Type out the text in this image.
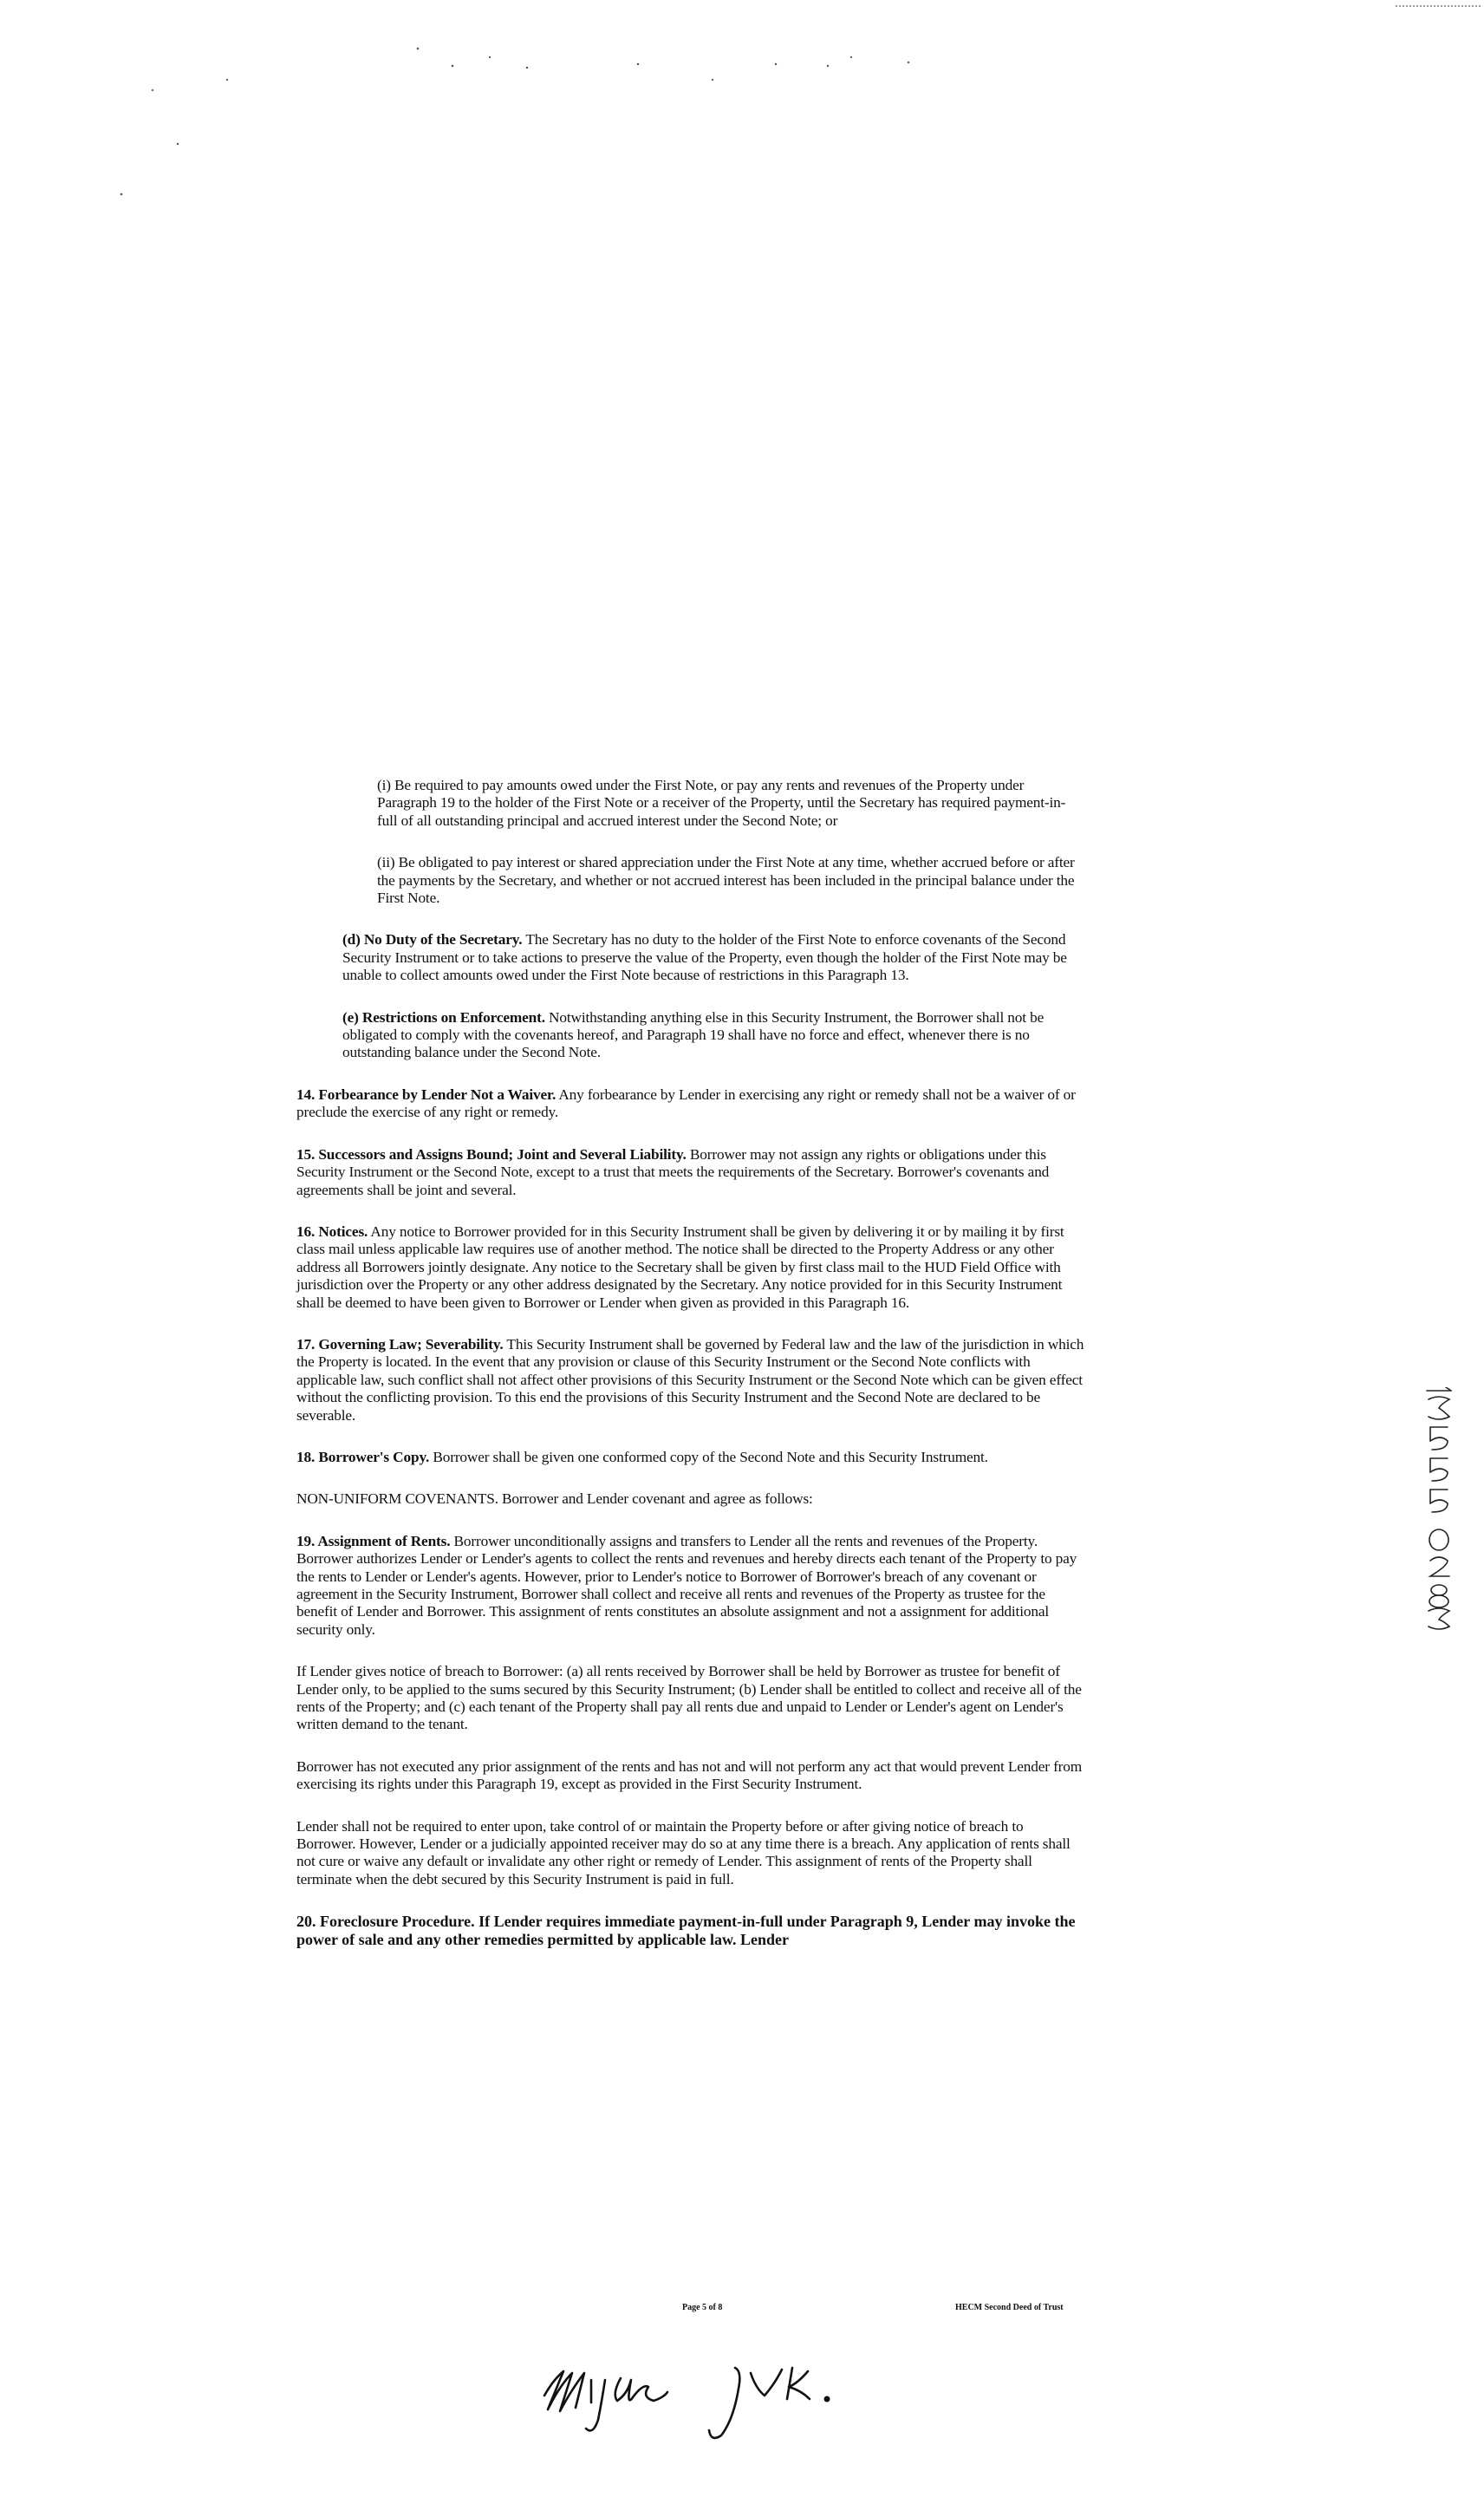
(i) Be required to pay amounts owed under the First Note, or pay any rents and revenues of the Property under Paragraph 19 to the holder of the First Note or a receiver of the Property, until the Secretary has required payment-in-full of all outstanding principal and accrued interest under the Second Note; or

(ii) Be obligated to pay interest or shared appreciation under the First Note at any time, whether accrued before or after the payments by the Secretary, and whether or not accrued interest has been included in the principal balance under the First Note.

(d) No Duty of the Secretary. The Secretary has no duty to the holder of the First Note to enforce covenants of the Second Security Instrument or to take actions to preserve the value of the Property, even though the holder of the First Note may be unable to collect amounts owed under the First Note because of restrictions in this Paragraph 13.

(e) Restrictions on Enforcement. Notwithstanding anything else in this Security Instrument, the Borrower shall not be obligated to comply with the covenants hereof, and Paragraph 19 shall have no force and effect, whenever there is no outstanding balance under the Second Note.

14. Forbearance by Lender Not a Waiver. Any forbearance by Lender in exercising any right or remedy shall not be a waiver of or preclude the exercise of any right or remedy.

15. Successors and Assigns Bound; Joint and Several Liability. Borrower may not assign any rights or obligations under this Security Instrument or the Second Note, except to a trust that meets the requirements of the Secretary. Borrower's covenants and agreements shall be joint and several.

16. Notices. Any notice to Borrower provided for in this Security Instrument shall be given by delivering it or by mailing it by first class mail unless applicable law requires use of another method. The notice shall be directed to the Property Address or any other address all Borrowers jointly designate. Any notice to the Secretary shall be given by first class mail to the HUD Field Office with jurisdiction over the Property or any other address designated by the Secretary. Any notice provided for in this Security Instrument shall be deemed to have been given to Borrower or Lender when given as provided in this Paragraph 16.

17. Governing Law; Severability. This Security Instrument shall be governed by Federal law and the law of the jurisdiction in which the Property is located. In the event that any provision or clause of this Security Instrument or the Second Note conflicts with applicable law, such conflict shall not affect other provisions of this Security Instrument or the Second Note which can be given effect without the conflicting provision. To this end the provisions of this Security Instrument and the Second Note are declared to be severable.

18. Borrower's Copy. Borrower shall be given one conformed copy of the Second Note and this Security Instrument.

NON-UNIFORM COVENANTS. Borrower and Lender covenant and agree as follows:

19. Assignment of Rents. Borrower unconditionally assigns and transfers to Lender all the rents and revenues of the Property. Borrower authorizes Lender or Lender's agents to collect the rents and revenues and hereby directs each tenant of the Property to pay the rents to Lender or Lender's agents. However, prior to Lender's notice to Borrower of Borrower's breach of any covenant or agreement in the Security Instrument, Borrower shall collect and receive all rents and revenues of the Property as trustee for the benefit of Lender and Borrower. This assignment of rents constitutes an absolute assignment and not a assignment for additional security only.

If Lender gives notice of breach to Borrower: (a) all rents received by Borrower shall be held by Borrower as trustee for benefit of Lender only, to be applied to the sums secured by this Security Instrument; (b) Lender shall be entitled to collect and receive all of the rents of the Property; and (c) each tenant of the Property shall pay all rents due and unpaid to Lender or Lender's agent on Lender's written demand to the tenant.

Borrower has not executed any prior assignment of the rents and has not and will not perform any act that would prevent Lender from exercising its rights under this Paragraph 19, except as provided in the First Security Instrument.

Lender shall not be required to enter upon, take control of or maintain the Property before or after giving notice of breach to Borrower. However, Lender or a judicially appointed receiver may do so at any time there is a breach. Any application of rents shall not cure or waive any default or invalidate any other right or remedy of Lender. This assignment of rents of the Property shall terminate when the debt secured by this Security Instrument is paid in full.

20. Foreclosure Procedure. If Lender requires immediate payment-in-full under Paragraph 9, Lender may invoke the power of sale and any other remedies permitted by applicable law. Lender

Page 5 of 8	HECM Second Deed of Trust
